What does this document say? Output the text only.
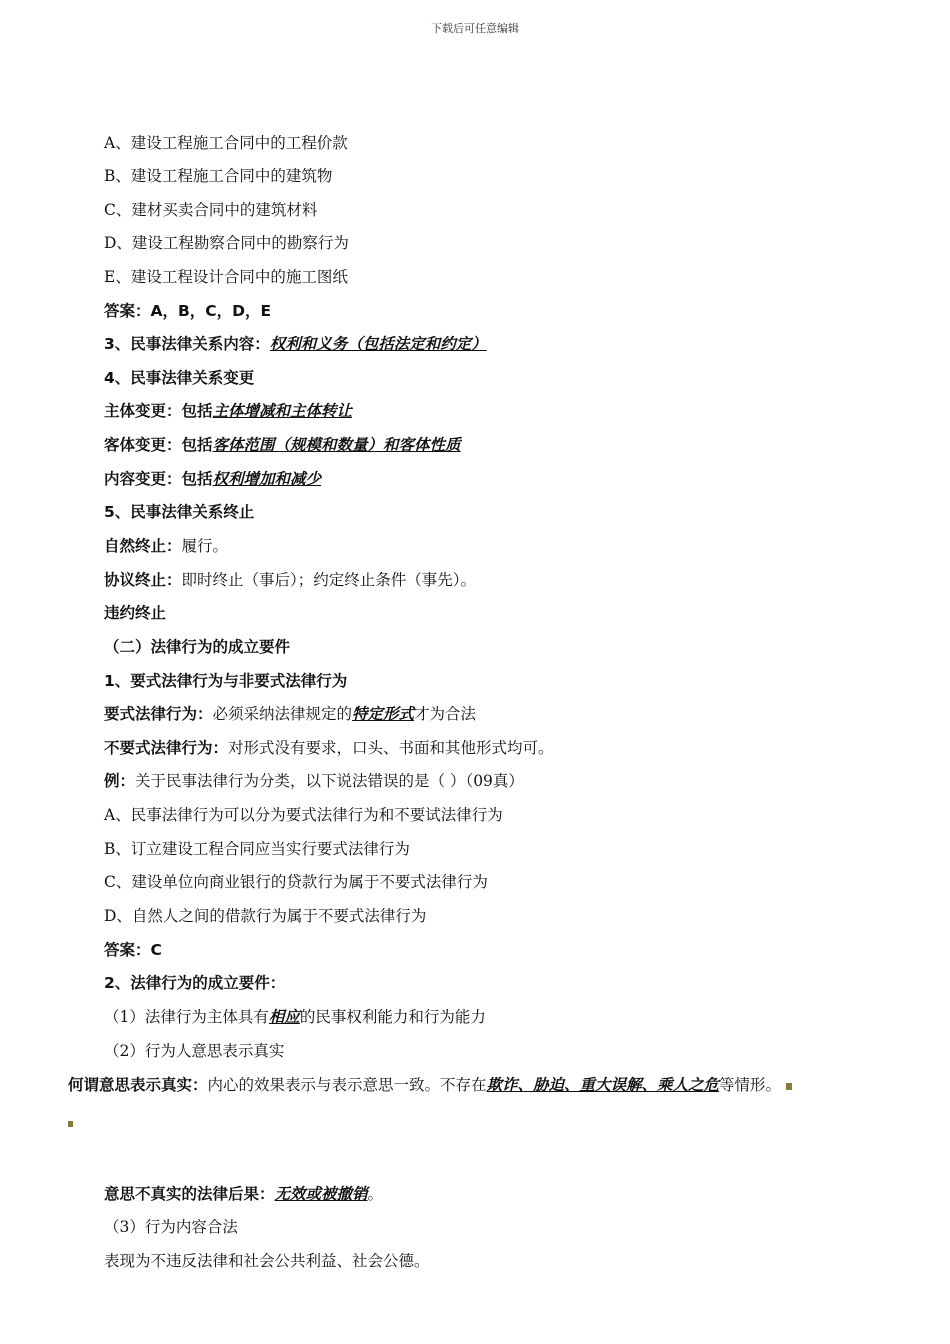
下载后可任意编辑
A、建设工程施工合同中的工程价款
B、建设工程施工合同中的建筑物
C、建材买卖合同中的建筑材料
D、建设工程勘察合同中的勘察行为
E、建设工程设计合同中的施工图纸
答案：A，B，C，D，E
3、民事法律关系内容：权利和义务（包括法定和约定）
4、民事法律关系变更
主体变更：包括主体增减和主体转让
客体变更：包括客体范围（规模和数量）和客体性质
内容变更：包括权利增加和减少
5、民事法律关系终止
自然终止：履行。
协议终止：即时终止（事后）；约定终止条件（事先）。
违约终止
（二）法律行为的成立要件
1、要式法律行为与非要式法律行为
要式法律行为：必须采纳法律规定的特定形式才为合法
不要式法律行为：对形式没有要求，口头、书面和其他形式均可。
例：关于民事法律行为分类，以下说法错误的是（ ）（09真）
A、民事法律行为可以分为要式法律行为和不要试法律行为
B、订立建设工程合同应当实行要式法律行为
C、建设单位向商业银行的贷款行为属于不要式法律行为
D、自然人之间的借款行为属于不要式法律行为
答案：C
2、法律行为的成立要件：
（1）法律行为主体具有相应的民事权利能力和行为能力
（2）行为人意思表示真实
何谓意思表示真实：内心的效果表示与表示意思一致。不存在欺诈、胁迫、重大误解、乘人之危等情形。
意思不真实的法律后果：无效或被撤销。
（3）行为内容合法
表现为不违反法律和社会公共利益、社会公德。
